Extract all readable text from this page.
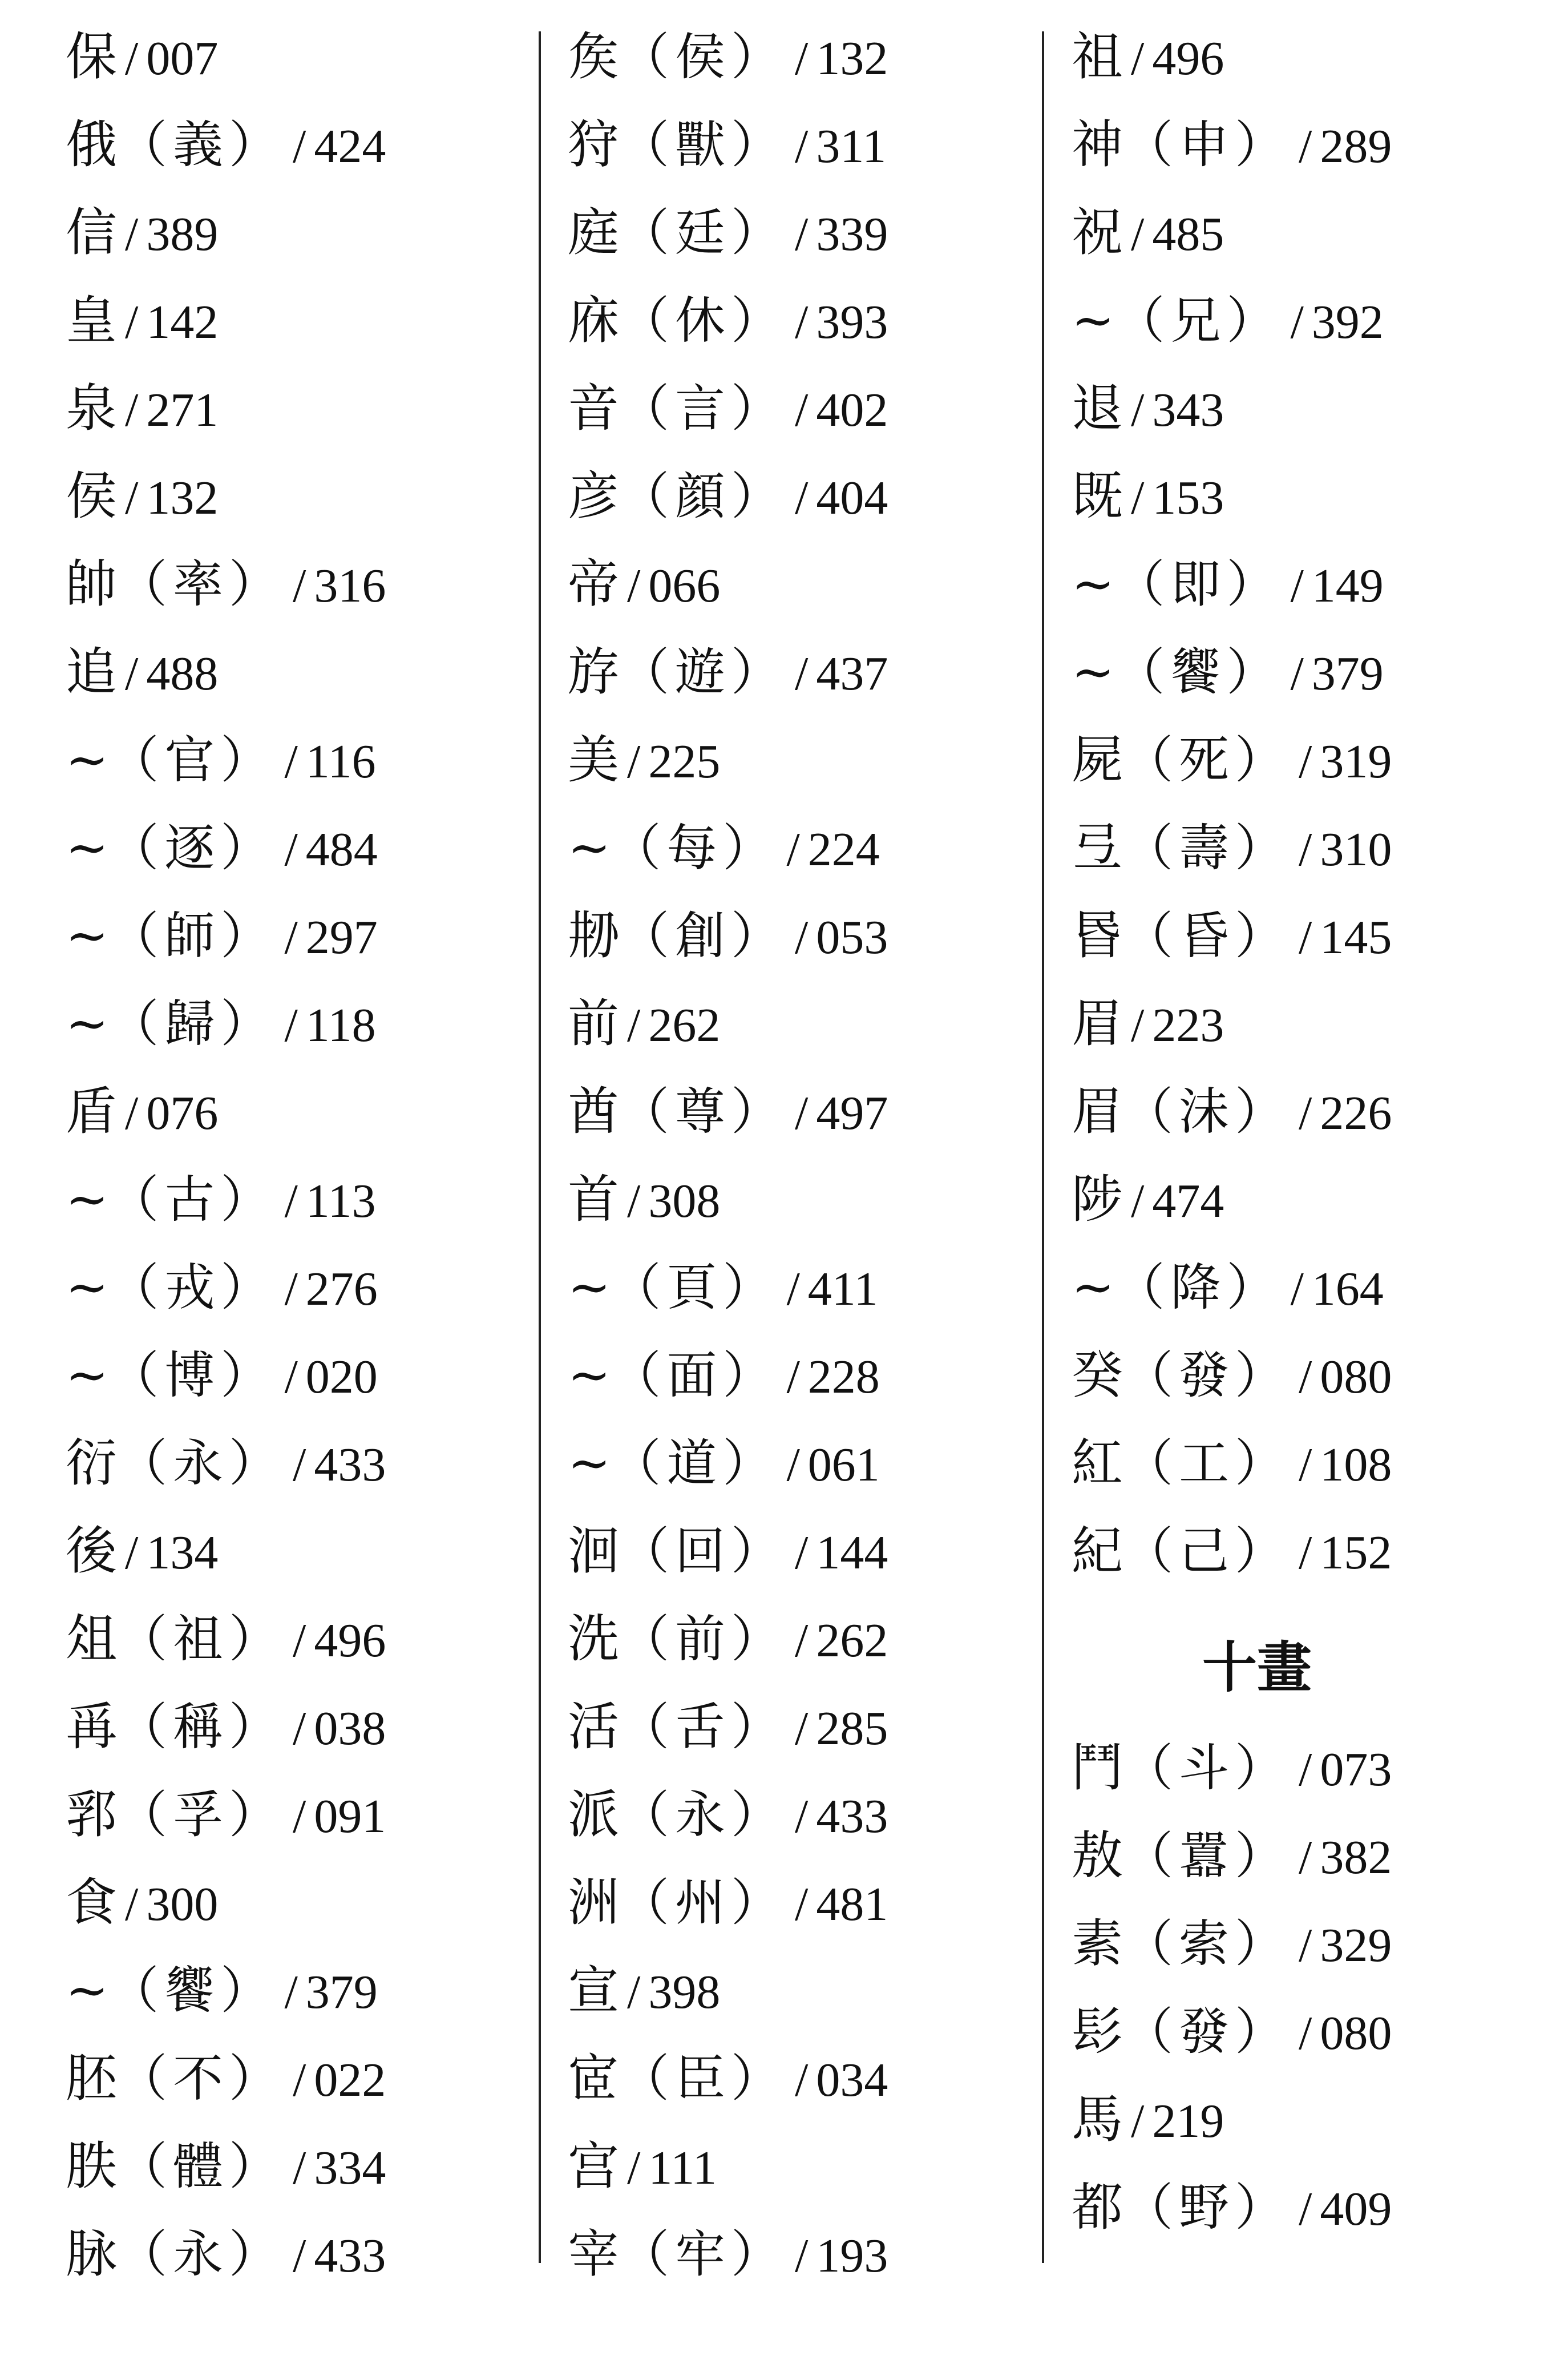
保 / 007
俄（義） / 424
信 / 389
皇 / 142
泉 / 271
侯 / 132
帥（率） / 316
追 / 488
~（官） / 116
~（逐） / 484
~（師） / 297
~（歸） / 118
盾 / 076
~（古） / 113
~（戎） / 276
~（博） / 020
衍（永） / 433
後 / 134
俎（祖） / 496
爯（稱） / 038
郛（孚） / 091
食 / 300
~（饗） / 379
胚（不） / 022
胅（體） / 334
脉（永） / 433
矦（侯） / 132
狩（獸） / 311
庭（廷） / 339
庥（休） / 393
音（言） / 402
彦（顔） / 404
帝 / 066
斿（遊） / 437
美 / 225
~（每） / 224
刱（創） / 053
前 / 262
酋（尊） / 497
首 / 308
~（頁） / 411
~（面） / 228
~（道） / 061
洄（回） / 144
洗（前） / 262
活（舌） / 285
派（永） / 433
洲（州） / 481
宣 / 398
宧（臣） / 034
宫 / 111
宰（牢） / 193
祖 / 496
神（申） / 289
祝 / 485
~（兄） / 392
退 / 343
既 / 153
~（即） / 149
~（饗） / 379
屍（死） / 319
弖（壽） / 310
昬（昏） / 145
眉 / 223
眉（沬） / 226
陟 / 474
~（降） / 164
癸（發） / 080
紅（工） / 108
紀（己） / 152
十畫
鬥（斗） / 073
敖（囂） / 382
素（索） / 329
髟（發） / 080
馬 / 219
都（野） / 409
